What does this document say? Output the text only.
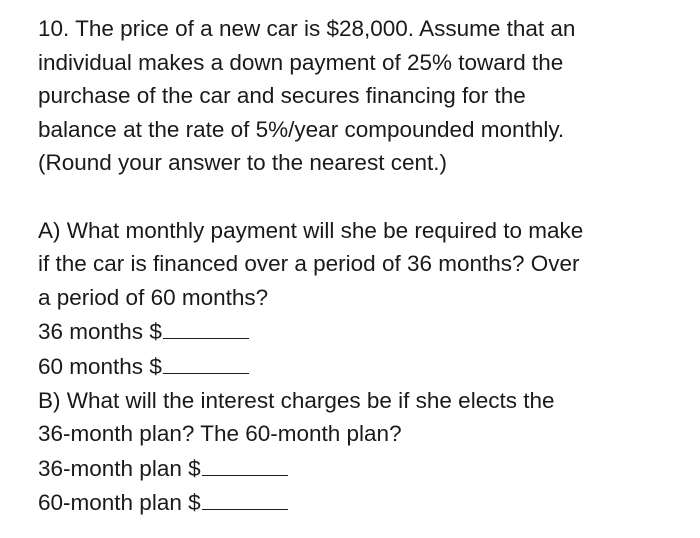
10. The price of a new car is $28,000. Assume that an
individual makes a down payment of 25% toward the
purchase of the car and secures financing for the
balance at the rate of 5%/year compounded monthly.
(Round your answer to the nearest cent.)
A) What monthly payment will she be required to make
if the car is financed over a period of 36 months? Over
a period of 60 months?
36 months $
60 months $
B) What will the interest charges be if she elects the
36-month plan? The 60-month plan?
36-month plan $
60-month plan $
